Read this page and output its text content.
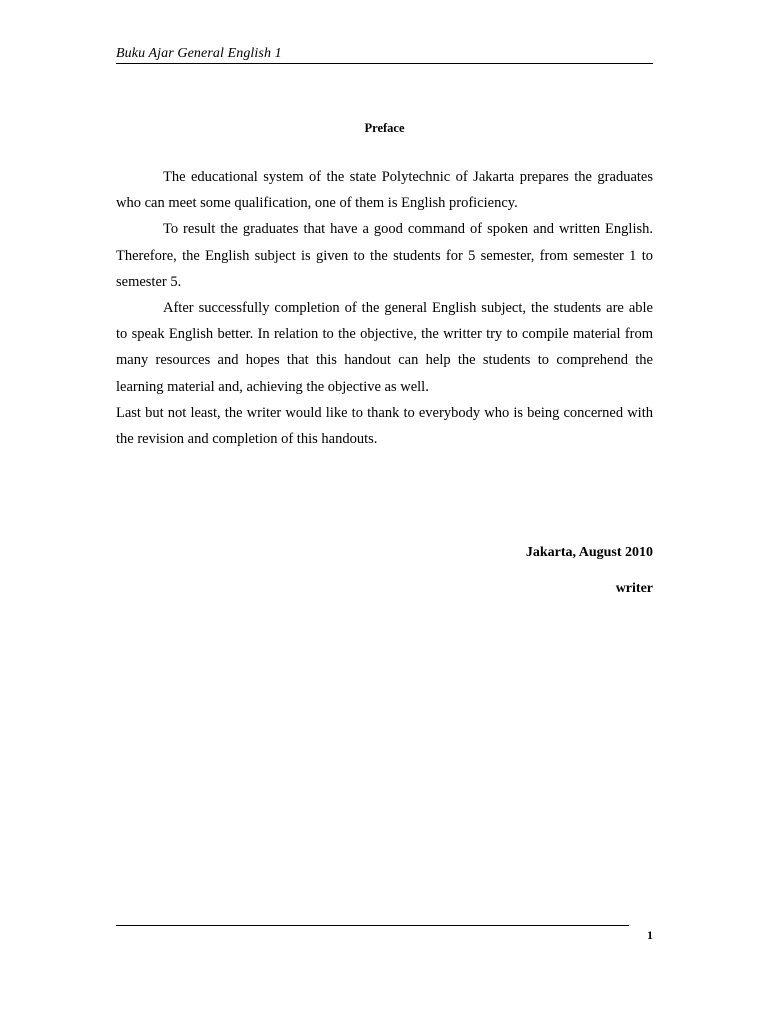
Buku Ajar General English 1
Preface

The educational system of the state Polytechnic of Jakarta prepares the graduates who can meet some qualification, one of them is English proficiency.

To result the graduates that have a good command of spoken and written English. Therefore, the English subject is given to the students for 5 semester, from semester 1 to semester 5.

After successfully completion of the general English subject, the students are able to speak English better. In relation to the objective, the writter try to compile material from many resources and hopes that this handout can help the students to comprehend the learning material and, achieving the objective as well.

Last but not least, the writer would like to thank to everybody who is being concerned with the revision and completion of this handouts.

Jakarta, August 2010
writer
1
